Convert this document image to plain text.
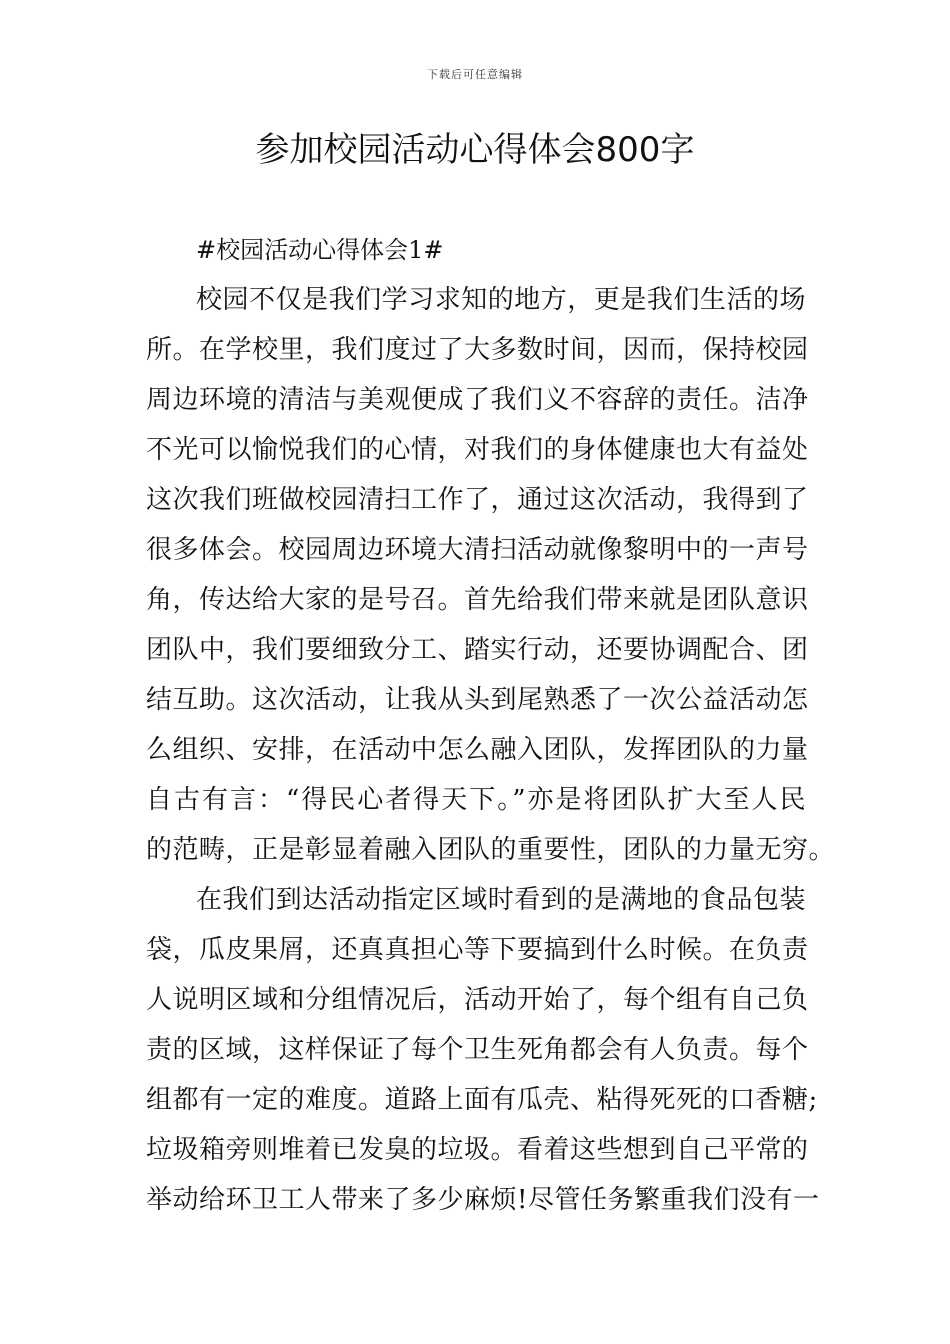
下载后可任意编辑
参加校园活动心得体会800字
#校园活动心得体会1#
校园不仅是我们学习求知的地方，更是我们生活的场
所。在学校里，我们度过了大多数时间，因而，保持校园
周边环境的清洁与美观便成了我们义不容辞的责任。洁净
不光可以愉悦我们的心情，对我们的身体健康也大有益处
这次我们班做校园清扫工作了，通过这次活动，我得到了
很多体会。校园周边环境大清扫活动就像黎明中的一声号
角，传达给大家的是号召。首先给我们带来就是团队意识
团队中，我们要细致分工、踏实行动，还要协调配合、团
结互助。这次活动，让我从头到尾熟悉了一次公益活动怎
么组织、安排，在活动中怎么融入团队，发挥团队的力量
自古有言：“得民心者得天下。”亦是将团队扩大至人民
的范畴，正是彰显着融入团队的重要性，团队的力量无穷。
在我们到达活动指定区域时看到的是满地的食品包装
袋，瓜皮果屑，还真真担心等下要搞到什么时候。在负责
人说明区域和分组情况后，活动开始了，每个组有自己负
责的区域，这样保证了每个卫生死角都会有人负责。每个
组都有一定的难度。道路上面有瓜壳、粘得死死的口香糖;
垃圾箱旁则堆着已发臭的垃圾。看着这些想到自己平常的
举动给环卫工人带来了多少麻烦!尽管任务繁重我们没有一
